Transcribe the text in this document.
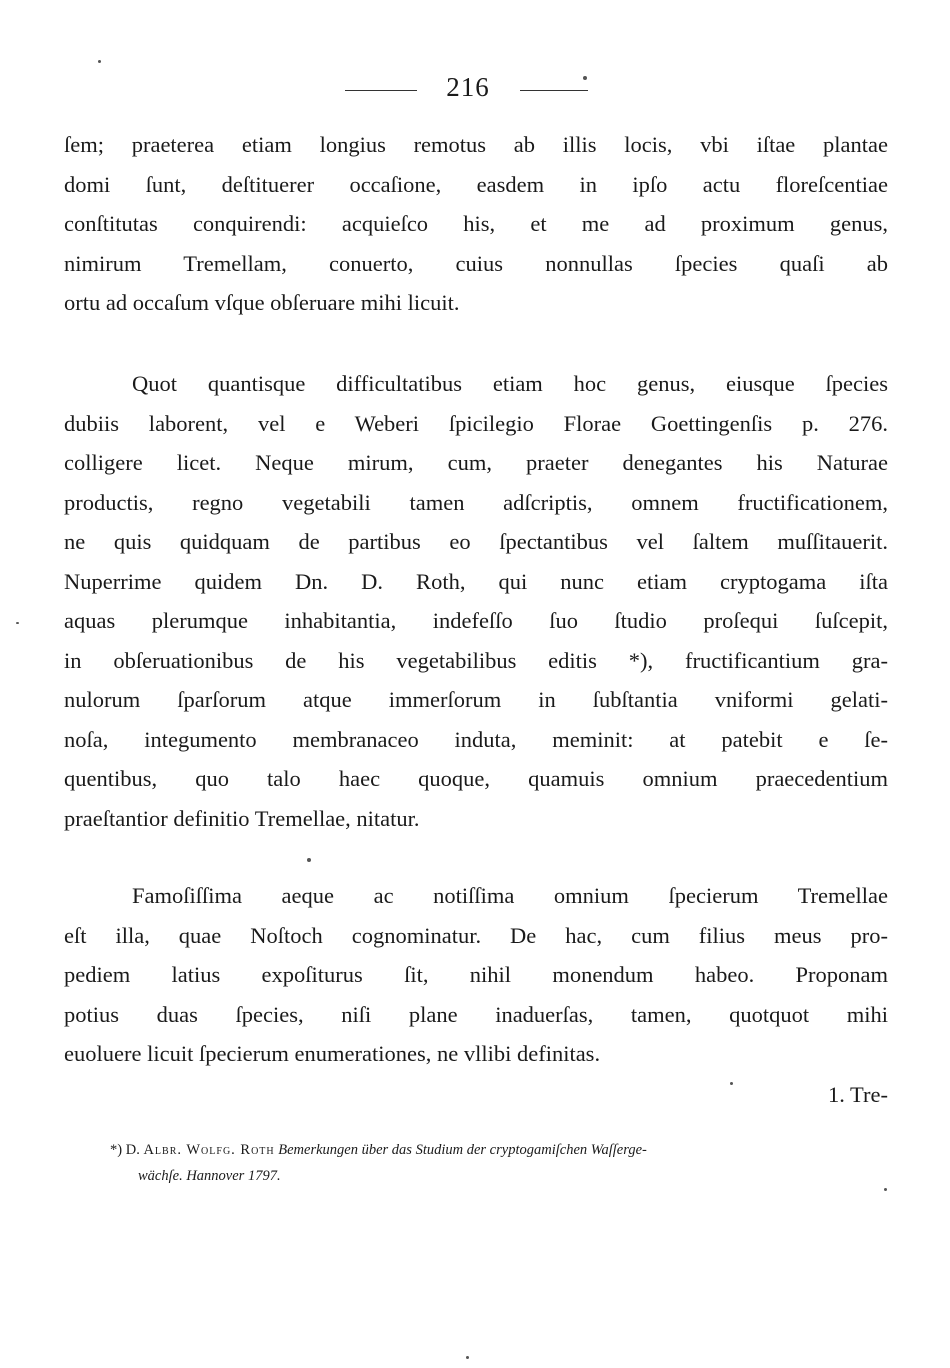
216
ſem; praeterea etiam longius remotus ab illis locis, vbi iſtae plantae
domi ſunt, deſtituerer occaſione, easdem in ipſo actu floreſcentiae
conſtitutas conquirendi: acquieſco his, et me ad proximum genus,
nimirum Tremellam, conuerto, cuius nonnullas ſpecies quaſi ab
ortu ad occaſum vſque obſeruare mihi licuit.
Quot quantisque difficultatibus etiam hoc genus, eiusque ſpecies
dubiis laborent, vel e Weberi ſpicilegio Florae Goettingenſis p. 276.
colligere licet. Neque mirum, cum, praeter denegantes his Naturae
productis, regno vegetabili tamen adſcriptis, omnem fructificationem,
ne quis quidquam de partibus eo ſpectantibus vel ſaltem muſſitauerit.
Nuperrime quidem Dn. D. Roth, qui nunc etiam cryptogama iſta
aquas plerumque inhabitantia, indefeſſo ſuo ſtudio proſequi ſuſcepit,
in obſeruationibus de his vegetabilibus editis *), fructificantium gra-
nulorum ſparſorum atque immerſorum in ſubſtantia vniformi gelati-
noſa, integumento membranaceo induta, meminit: at patebit e ſe-
quentibus, quo talo haec quoque, quamuis omnium praecedentium
praeſtantior definitio Tremellae, nitatur.
Famoſiſſima aeque ac notiſſima omnium ſpecierum Tremellae
eſt illa, quae Noſtoch cognominatur. De hac, cum filius meus pro-
pediem latius expoſiturus ſit, nihil monendum habeo. Proponam
potius duas ſpecies, niſi plane inaduerſas, tamen, quotquot mihi
euoluere licuit ſpecierum enumerationes, ne vllibi definitas.
1. Tre-
*) D. Albr. Wolfg. Roth Bemerkungen über das Studium der cryptogamiſchen Waſſerge-
wächſe. Hannover 1797.
